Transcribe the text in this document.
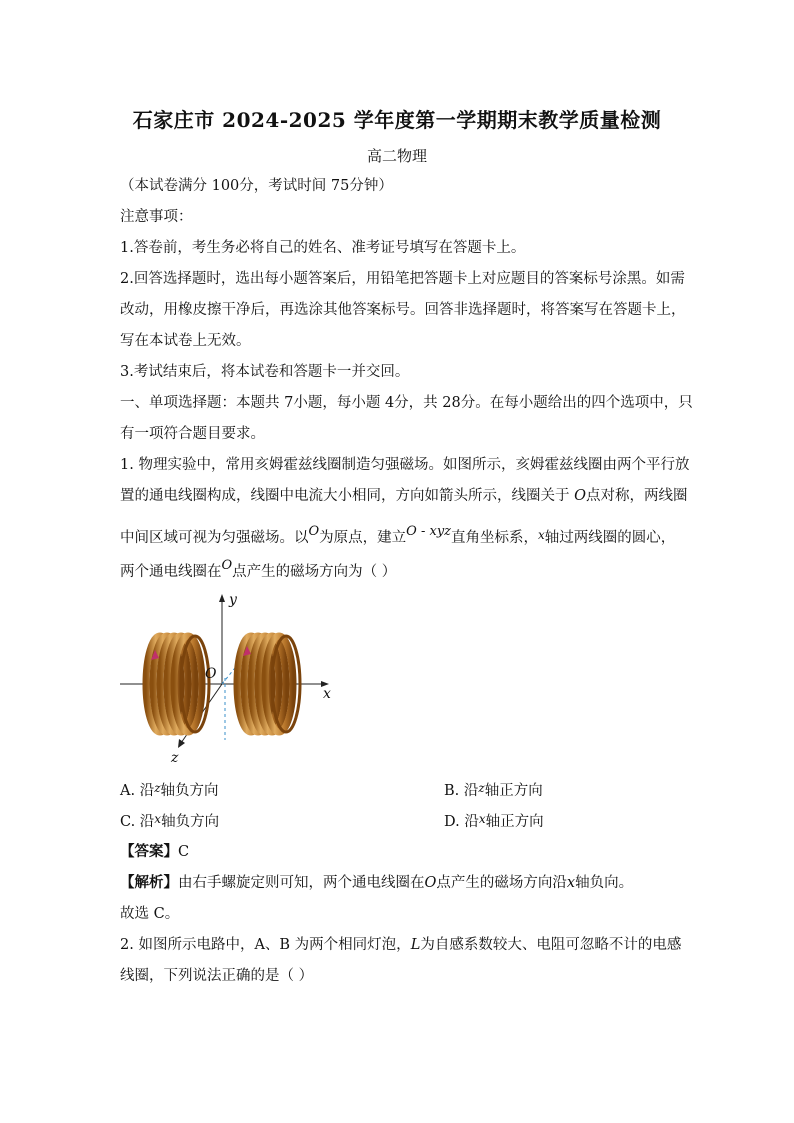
石家庄市 2024-2025 学年度第一学期期末教学质量检测
高二物理
（本试卷满分 100分，考试时间 75分钟）
注意事项：
1.答卷前，考生务必将自己的姓名、准考证号填写在答题卡上。
2.回答选择题时，选出每小题答案后，用铅笔把答题卡上对应题目的答案标号涂黑。如需
改动，用橡皮擦干净后，再选涂其他答案标号。回答非选择题时，将答案写在答题卡上，
写在本试卷上无效。
3.考试结束后，将本试卷和答题卡一并交回。
一、单项选择题：本题共 7小题，每小题 4分，共 28分。在每小题给出的四个选项中，只
有一项符合题目要求。
1. 物理实验中，常用亥姆霍兹线圈制造匀强磁场。如图所示，亥姆霍兹线圈由两个平行放
置的通电线圈构成，线圈中电流大小相同，方向如箭头所示，线圈关于 O点对称，两线圈
中间区域可视为匀强磁场。以O为原点，建立O - xyz直角坐标系，$^x$轴过两线圈的圆心，
两个通电线圈在O点产生的磁场方向为（ ）
y
x
z
O
A. 沿$^z$轴负方向	B. 沿$^z$轴正方向
C. 沿$^x$轴负方向	D. 沿$^x$轴正方向
【答案】C
【解析】由右手螺旋定则可知，两个通电线圈在O点产生的磁场方向沿x轴负向。
故选 C。
2. 如图所示电路中，A、B 为两个相同灯泡，L为自感系数较大、电阻可忽略不计的电感
线圈，下列说法正确的是（ ）
